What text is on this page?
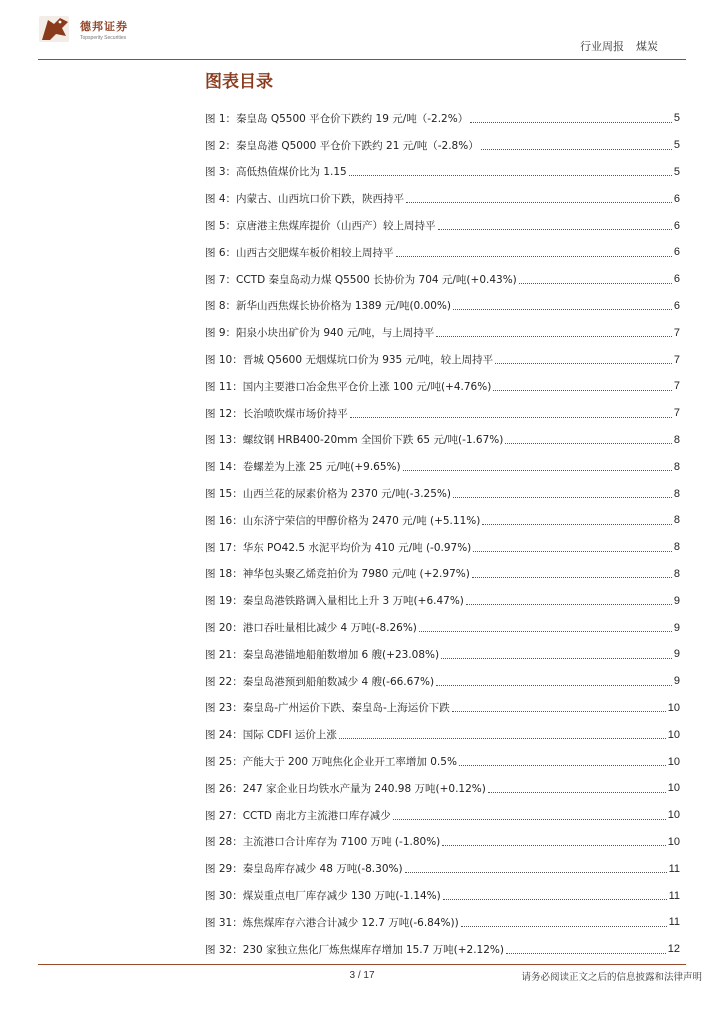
德邦证券
Topsperity Securities
行业周报 煤炭
图表目录
图 1：秦皇岛 Q5500 平仓价下跌约 19 元/吨（-2.2%）	5
图 2：秦皇岛港 Q5000 平仓价下跌约 21 元/吨（-2.8%）	5
图 3：高低热值煤价比为 1.15	5
图 4：内蒙古、山西坑口价下跌，陕西持平	6
图 5：京唐港主焦煤库提价（山西产）较上周持平	6
图 6：山西古交肥煤车板价相较上周持平	6
图 7：CCTD 秦皇岛动力煤 Q5500 长协价为 704 元/吨(+0.43%)	6
图 8：新华山西焦煤长协价格为 1389 元/吨(0.00%)	6
图 9：阳泉小块出矿价为 940 元/吨，与上周持平	7
图 10：晋城 Q5600 无烟煤坑口价为 935 元/吨，较上周持平	7
图 11：国内主要港口冶金焦平仓价上涨 100 元/吨(+4.76%)	7
图 12：长治喷吹煤市场价持平	7
图 13：螺纹钢 HRB400-20mm 全国价下跌 65 元/吨(-1.67%)	8
图 14：卷螺差为上涨 25 元/吨(+9.65%)	8
图 15：山西兰花的尿素价格为 2370 元/吨(-3.25%)	8
图 16：山东济宁荣信的甲醇价格为 2470 元/吨 (+5.11%)	8
图 17：华东 PO42.5 水泥平均价为 410 元/吨 (-0.97%)	8
图 18：神华包头聚乙烯竞拍价为 7980 元/吨 (+2.97%)	8
图 19：秦皇岛港铁路调入量相比上升 3 万吨(+6.47%)	9
图 20：港口吞吐量相比减少 4 万吨(-8.26%)	9
图 21：秦皇岛港锚地船舶数增加 6 艘(+23.08%)	9
图 22：秦皇岛港预到船舶数减少 4 艘(-66.67%)	9
图 23：秦皇岛-广州运价下跌、秦皇岛-上海运价下跌	10
图 24：国际 CDFI 运价上涨	10
图 25：产能大于 200 万吨焦化企业开工率增加 0.5%	10
图 26：247 家企业日均铁水产量为 240.98 万吨(+0.12%)	10
图 27：CCTD 南北方主流港口库存减少	10
图 28：主流港口合计库存为 7100 万吨 (-1.80%)	10
图 29：秦皇岛库存减少 48 万吨(-8.30%)	11
图 30：煤炭重点电厂库存减少 130 万吨(-1.14%)	11
图 31：炼焦煤库存六港合计减少 12.7 万吨(-6.84%))	11
图 32：230 家独立焦化厂炼焦煤库存增加 15.7 万吨(+2.12%)	12
3 / 17	请务必阅读正文之后的信息披露和法律声明
